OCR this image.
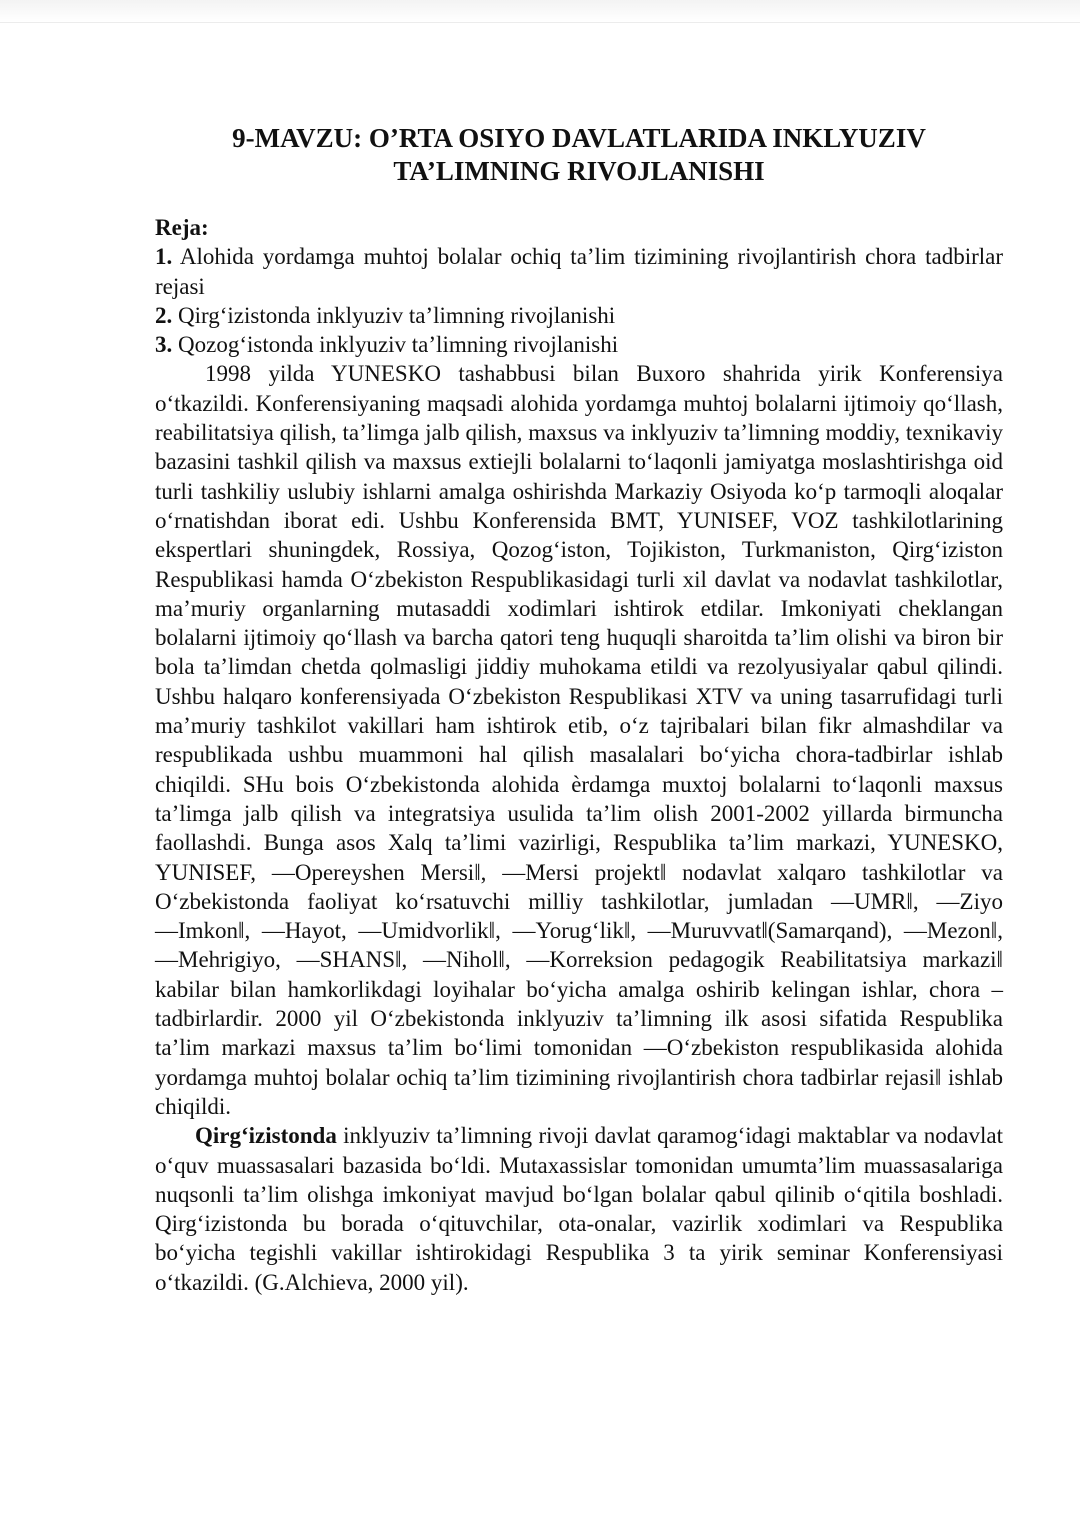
9-MAVZU: O’RTA OSIYO DAVLATLARIDA INKLYUZIV
TA’LIMNING RIVOJLANISHI
Reja:
1. Alohida yordamga muhtoj bolalar ochiq ta’lim tizimining rivojlantirish chora tadbirlar rejasi
2. Qirg‘izistonda inklyuziv ta’limning rivojlanishi
3. Qozog‘istonda inklyuziv ta’limning rivojlanishi

1998 yilda YUNESKO tashabbusi bilan Buxoro shahrida yirik Konferensiya o‘tkazildi. Konferensiyaning maqsadi alohida yordamga muhtoj bolalarni ijtimoiy qo‘llash, reabilitatsiya qilish, ta’limga jalb qilish, maxsus va inklyuziv ta’limning moddiy, texnikaviy bazasini tashkil qilish va maxsus extiejli bolalarni to‘laqonli jamiyatga moslashtirishga oid turli tashkiliy uslubiy ishlarni amalga oshirishda Markaziy Osiyoda ko‘p tarmoqli aloqalar o‘rnatishdan iborat edi. Ushbu Konferensida BMT, YUNISEF, VOZ tashkilotlarining ekspertlari shuningdek, Rossiya, Qozog‘iston, Tojikiston, Turkmaniston, Qirg‘iziston Respublikasi hamda O‘zbekiston Respublikasidagi turli xil davlat va nodavlat tashkilotlar, ma’muriy organlarning mutasaddi xodimlari ishtirok etdilar. Imkoniyati cheklangan bolalarni ijtimoiy qo‘llash va barcha qatori teng huquqli sharoitda ta’lim olishi va biron bir bola ta’limdan chetda qolmasligi jiddiy muhokama etildi va rezolyusiyalar qabul qilindi. Ushbu halqaro konferensiyada O‘zbekiston Respublikasi XTV va uning tasarrufidagi turli ma’muriy tashkilot vakillari ham ishtirok etib, o‘z tajribalari bilan fikr almashdilar va respublikada ushbu muammoni hal qilish masalalari bo‘yicha chora-tadbirlar ishlab chiqildi. SHu bois O‘zbekistonda alohida èrdamga muxtoj bolalarni to‘laqonli maxsus ta’limga jalb qilish va integratsiya usulida ta’lim olish 2001-2002 yillarda birmuncha faollashdi. Bunga asos Xalq ta’limi vazirligi, Respublika ta’lim markazi, YUNESKO, YUNISEF, ―Opereyshen Mersi‖, ―Mersi projekt‖ nodavlat xalqaro tashkilotlar va O‘zbekistonda faoliyat ko‘rsatuvchi milliy tashkilotlar, jumladan ―UMR‖, ―Ziyo ―Imkon‖, ―Hayot, ―Umidvorlik‖, ―Yorug‘lik‖, ―Muruvvat‖(Samarqand), ―Mezon‖, ―Mehrigiyo, ―SHANS‖, ―Nihol‖, ―Korreksion pedagogik Reabilitatsiya markazi‖ kabilar bilan hamkorlikdagi loyihalar bo‘yicha amalga oshirib kelingan ishlar, chora – tadbirlardir. 2000 yil O‘zbekistonda inklyuziv ta’limning ilk asosi sifatida Respublika ta’lim markazi maxsus ta’lim bo‘limi tomonidan ―O‘zbekiston respublikasida alohida yordamga muhtoj bolalar ochiq ta’lim tizimining rivojlantirish chora tadbirlar rejasi‖ ishlab chiqildi.

Qirg‘izistonda inklyuziv ta’limning rivoji davlat qaramog‘idagi maktablar va nodavlat o‘quv muassasalari bazasida bo‘ldi. Mutaxassislar tomonidan umumta’lim muassasalariga nuqsonli ta’lim olishga imkoniyat mavjud bo‘lgan bolalar qabul qilinib o‘qitila boshladi. Qirg‘izistonda bu borada o‘qituvchilar, ota-onalar, vazirlik xodimlari va Respublika bo‘yicha tegishli vakillar ishtirokidagi Respublika 3 ta yirik seminar Konferensiyasi o‘tkazildi. (G.Alchieva, 2000 yil).
